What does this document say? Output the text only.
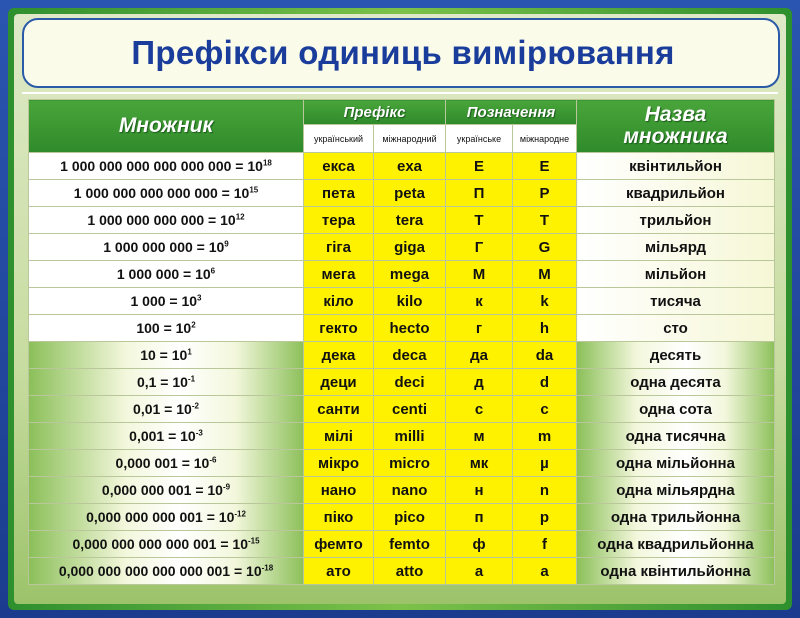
Префікси одиниць вимірювання
Множник	Префікс		Позначення		Назва
множника

	український	міжнародний	українське	міжнародне	
1 000 000 000 000 000 $000 = 10^{18}$	екса	exa	Е	E	квінтильйон
1 000 000 000 000 $000 = 10^{15}$	пета	peta	П	P	квадрильйон
1 000 000 000 $000 = 10^{12}$	тера	tera	Т	T	трильйон
1 000 000 $000 = 10^9$	гіга	giga	Г	G	мільярд
1 000 $000 = 10^6$	мега	mega	М	M	мільйон
1 $000 = 10^3$	кіло	kilo	к	k	тисяча
$100 = 10^2$	гекто	hecto	г	h	сто
$10 = 10^1$	дека	deca	да	da	десять
$0,1 = 10^{-1}$	деци	deci	д	d	одна десята
$0,01 = 10^{-2}$	санти	centi	с	c	одна сота
$0,001 = 10^{-3}$	мілі	milli	м	m	одна тисячна
0,000 $001 = 10^{-6}$	мікро	micro	мк	µ	одна мільйонна
0,000 000 $001 = 10^{-9}$	нано	nano	н	n	одна мільярдна
0,000 000 000 $001 = 10^{-12}$	піко	pico	п	p	одна трильйонна
0,000 000 000 000 $001 = 10^{-15}$	фемто	femto	ф	f	одна квадрильйонна
0,000 000 000 000 000 $001 = 10^{-18}$	ато	atto	а	a	одна квінтильйонна
